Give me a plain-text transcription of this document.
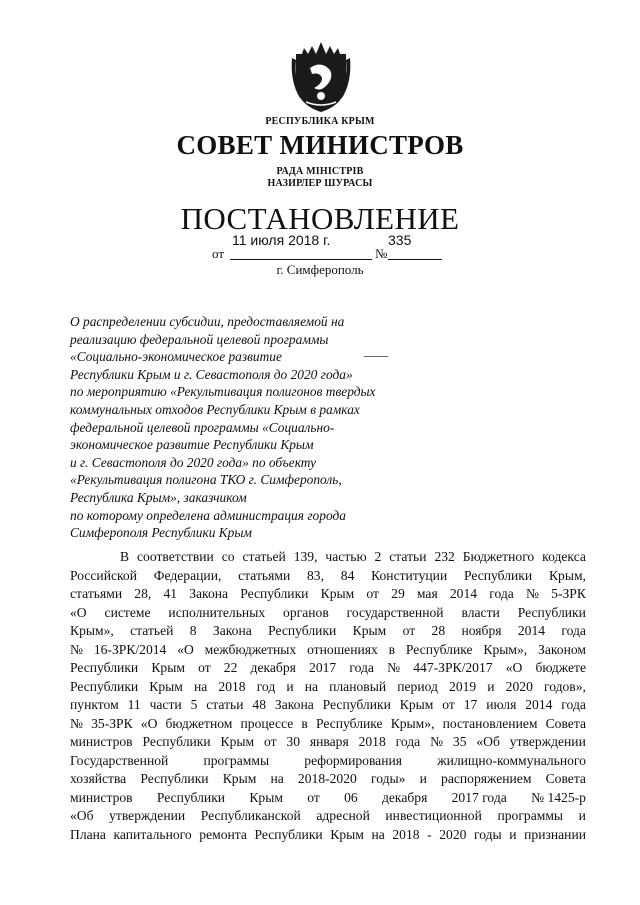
РЕСПУБЛИКА КРЫМ
СОВЕТ МИНИСТРОВ
РАДА МІНІСТРІВ
НАЗИРЛЕР ШУРАСЫ
ПОСТАНОВЛЕНИЕ
11 июля 2018 г.	335
от	№
г. Симферополь
О распределении субсидии, предоставляемой на
реализацию федеральной целевой программы
«Социально-экономическое развитие
Республики Крым и г. Севастополя до 2020 года»
по мероприятию «Рекультивация полигонов твердых
коммунальных отходов Республики Крым в рамках
федеральной целевой программы «Социально-
экономическое развитие Республики Крым
и г. Севастополя до 2020 года» по объекту
«Рекультивация полигона ТКО г. Симферополь,
Республика Крым», заказчиком
по которому определена администрация города
Симферополя Республики Крым
В соответствии со статьей 139, частью 2 статьи 232 Бюджетного кодекса
Российской Федерации, статьями 83, 84 Конституции Республики Крым,
статьями 28, 41 Закона Республики Крым от 29 мая 2014 года № 5-ЗРК
«О системе исполнительных органов государственной власти Республики
Крым», статьей 8 Закона Республики Крым от 28 ноября 2014 года
№ 16-ЗРК/2014 «О межбюджетных отношениях в Республике Крым», Законом
Республики Крым от 22 декабря 2017 года № 447-ЗРК/2017 «О бюджете
Республики Крым на 2018 год и на плановый период 2019 и 2020 годов»,
пунктом 11 части 5 статьи 48 Закона Республики Крым от 17 июля 2014 года
№ 35-ЗРК «О бюджетном процессе в Республике Крым», постановлением Совета
министров Республики Крым от 30 января 2018 года № 35 «Об утверждении
Государственной	программы	реформирования	жилищно-коммунального
хозяйства Республики Крым на 2018-2020 годы» и распоряжением Совета
министров Республики Крым от 06 декабря 2017 года № 1425-р
«Об утверждении Республиканской адресной инвестиционной программы и
Плана капитального ремонта Республики Крым на 2018 - 2020 годы и признании
